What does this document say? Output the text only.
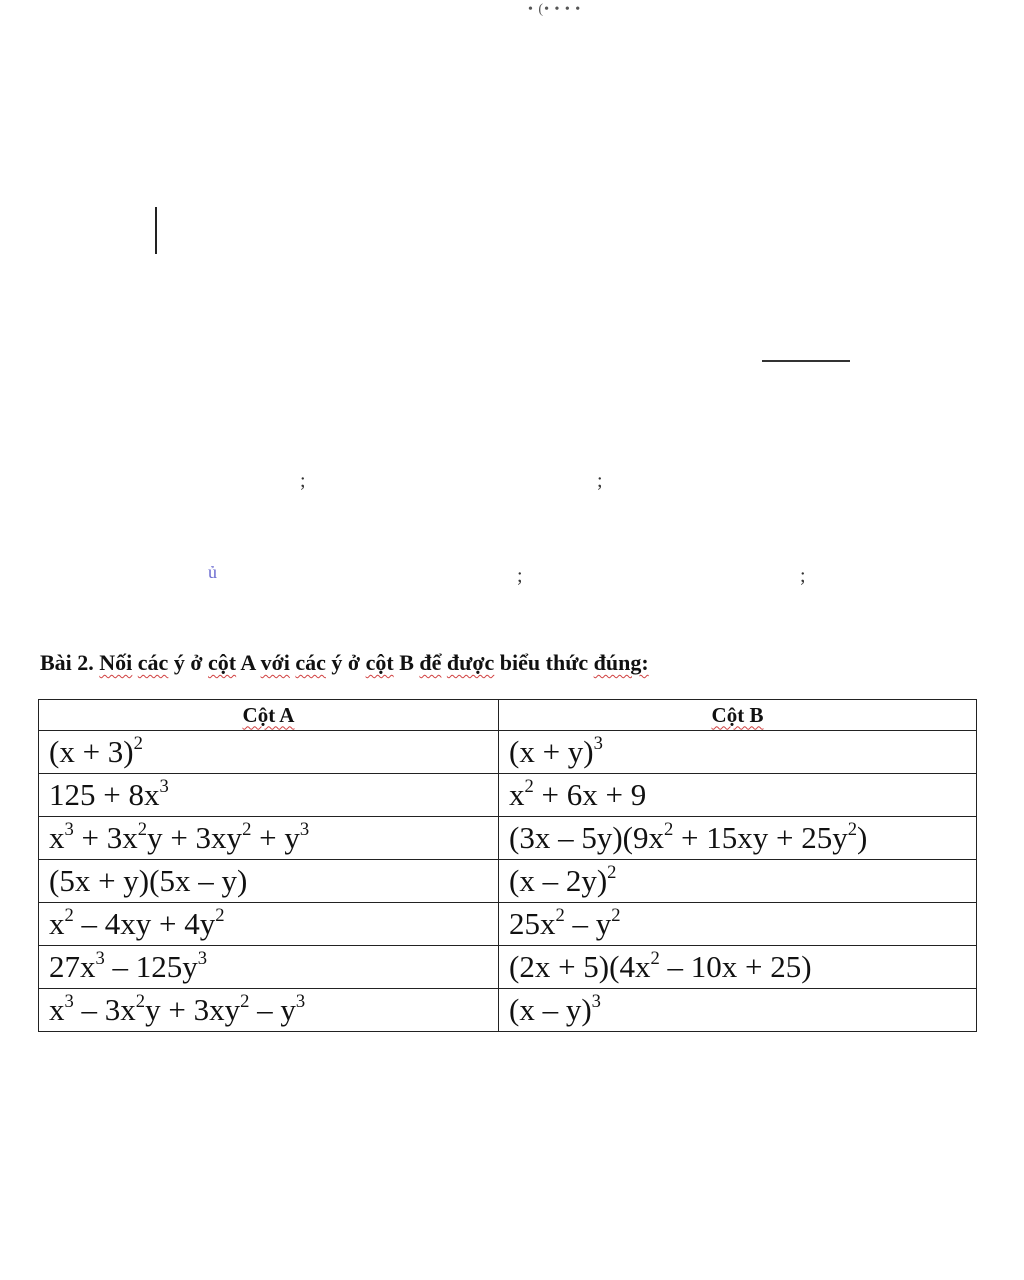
• (• • • •
;	;
;	;
ủ
Bài 2. Nối các ý ở cột A với các ý ở cột B để được biểu thức đúng:
Cột A	Cột B
$(x + 3)^2$	$(x + y)^3$
$125 + 8x^3$	$x^2 + 6x + 9$
$x^3 + 3x^2y + 3xy^2 + y^3$	$(3x - 5y)(9x^2 + 15xy + 25y^2)$
(5x + y)(5x – y)	(x – 2y)$^2$
$x^2 - 4xy + 4y^2$	$25x^2 - y^2$
$27x^3 - 125y^3$	$(2x + 5)(4x^2 - 10x + 25)$
$x^3 - 3x^2y + 3xy^2 - y^3$	(x – y)$^3$
